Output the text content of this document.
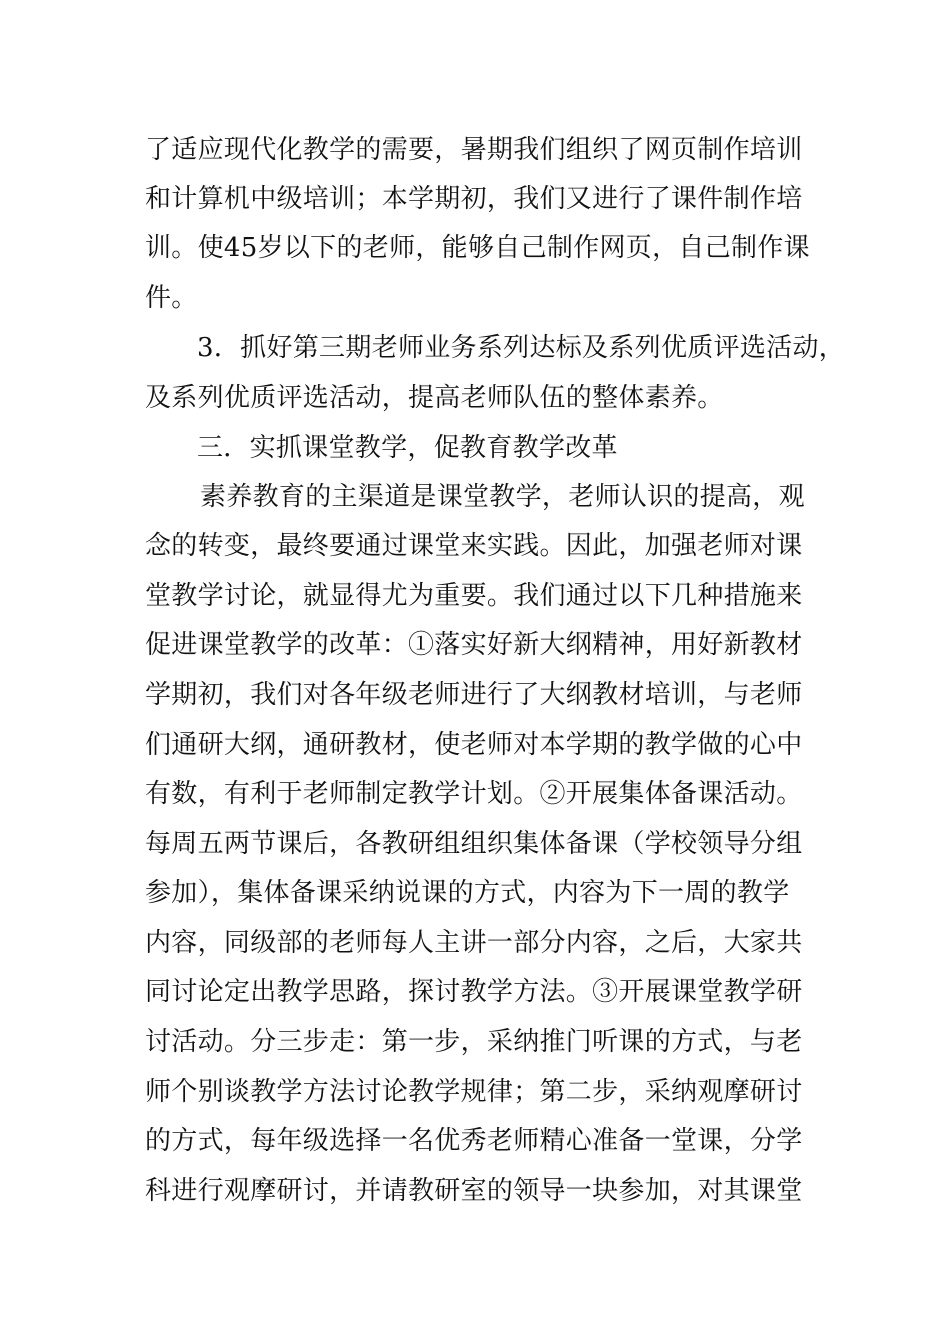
了适应现代化教学的需要，暑期我们组织了网页制作培训
和计算机中级培训；本学期初，我们又进行了课件制作培
训。使45岁以下的老师，能够自己制作网页，自己制作课
件。
3．抓好第三期老师业务系列达标及系列优质评选活动，
及系列优质评选活动，提高老师队伍的整体素养。
三．实抓课堂教学，促教育教学改革
素养教育的主渠道是课堂教学，老师认识的提高，观
念的转变，最终要通过课堂来实践。因此，加强老师对课
堂教学讨论，就显得尤为重要。我们通过以下几种措施来
促进课堂教学的改革：①落实好新大纲精神，用好新教材
学期初，我们对各年级老师进行了大纲教材培训，与老师
们通研大纲，通研教材，使老师对本学期的教学做的心中
有数，有利于老师制定教学计划。②开展集体备课活动。
每周五两节课后，各教研组组织集体备课（学校领导分组
参加），集体备课采纳说课的方式，内容为下一周的教学
内容，同级部的老师每人主讲一部分内容，之后，大家共
同讨论定出教学思路，探讨教学方法。③开展课堂教学研
讨活动。分三步走：第一步，采纳推门听课的方式，与老
师个别谈教学方法讨论教学规律；第二步，采纳观摩研讨
的方式，每年级选择一名优秀老师精心准备一堂课，分学
科进行观摩研讨，并请教研室的领导一块参加，对其课堂
